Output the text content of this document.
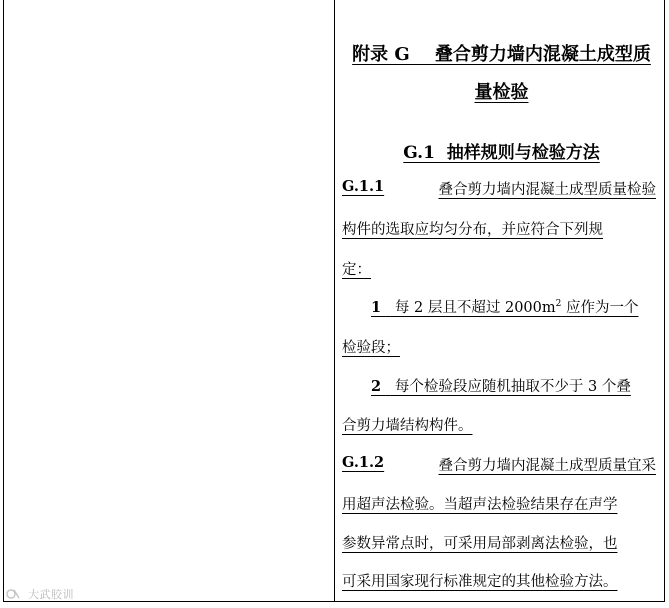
附录 G    叠合剪力墙内混凝土成型质
量检验
G.1  抽样规则与检验方法
G.1.1	叠合剪力墙内混凝土成型质量检验
构件的选取应均匀分布，并应符合下列规
定：
1 每 2 层且不超过 $2000m^2$ 应作为一个
检验段；
2 每个检验段应随机抽取不少于 3 个叠
合剪力墙结构构件。
G.1.2	叠合剪力墙内混凝土成型质量宜采
用超声法检验。当超声法检验结果存在声学
参数异常点时，可采用局部剥离法检验，也
可采用国家现行标准规定的其他检验方法。
大武胶训
